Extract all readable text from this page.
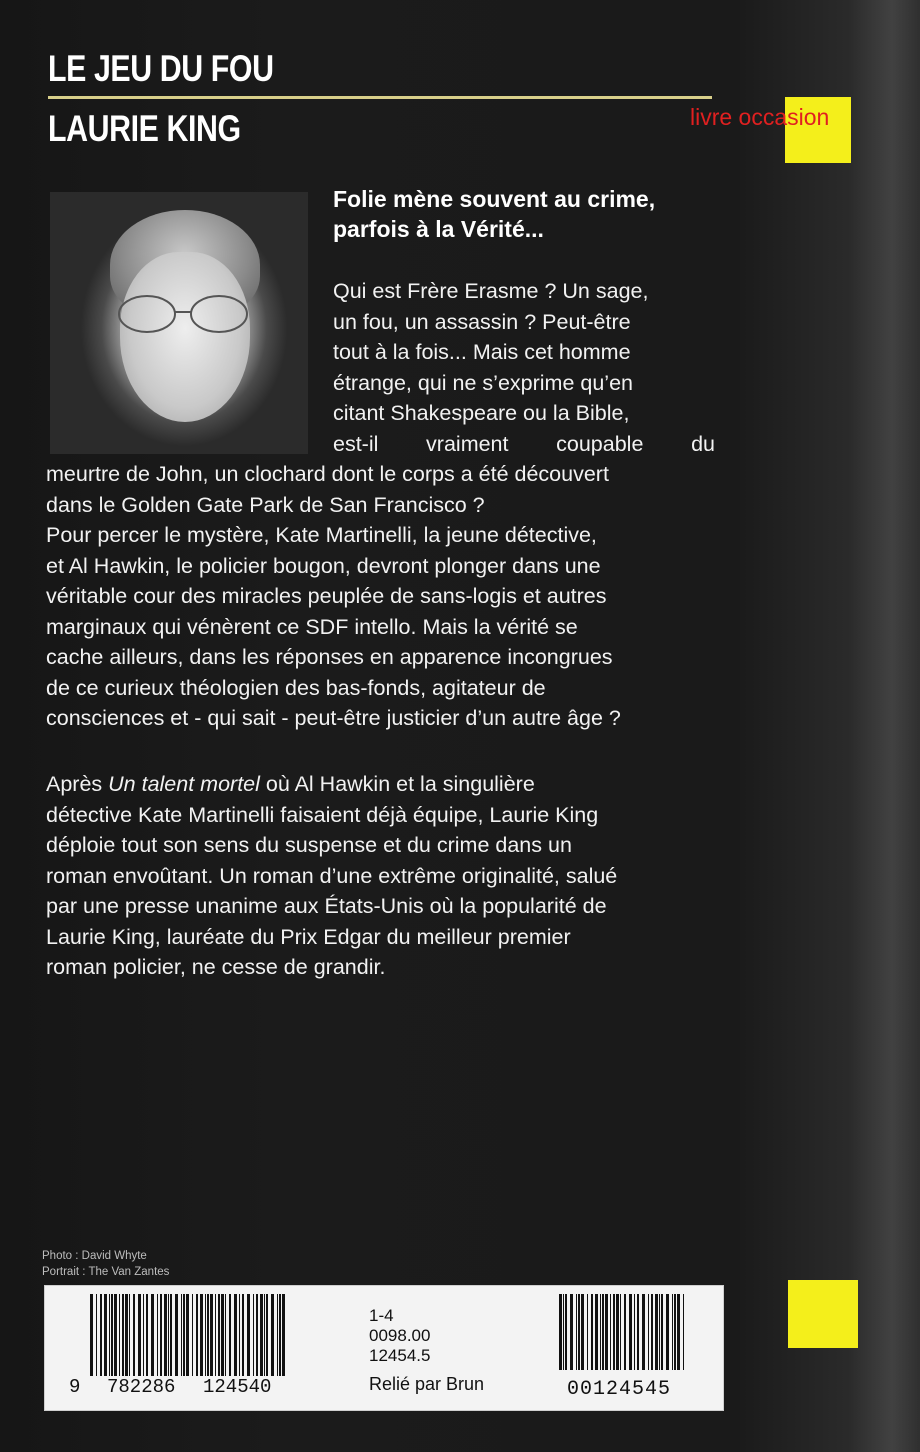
LE JEU DU FOU
LAURIE KING	livre occasion
Folie mène souvent au crime,
parfois à la Vérité...
Qui est Frère Erasme ? Un sage,
un fou, un assassin ? Peut-être
tout à la fois... Mais cet homme
étrange, qui ne s’exprime qu’en
citant Shakespeare ou la Bible,
est-il vraiment coupable du
meurtre de John, un clochard dont le corps a été découvert
dans le Golden Gate Park de San Francisco ?
Pour percer le mystère, Kate Martinelli, la jeune détective,
et Al Hawkin, le policier bougon, devront plonger dans une
véritable cour des miracles peuplée de sans-logis et autres
marginaux qui vénèrent ce SDF intello. Mais la vérité se
cache ailleurs, dans les réponses en apparence incongrues
de ce curieux théologien des bas-fonds, agitateur de
consciences et - qui sait - peut-être justicier d’un autre âge ?
Après Un talent mortel où Al Hawkin et la singulière
détective Kate Martinelli faisaient déjà équipe, Laurie King
déploie tout son sens du suspense et du crime dans un
roman envoûtant. Un roman d’une extrême originalité, salué
par une presse unanime aux États-Unis où la popularité de
Laurie King, lauréate du Prix Edgar du meilleur premier
roman policier, ne cesse de grandir.
Photo : David Whyte
Portrait : The Van Zantes
9 782286 124540
1-4
0098.00
12454.5
Relié par Brun	00124545
